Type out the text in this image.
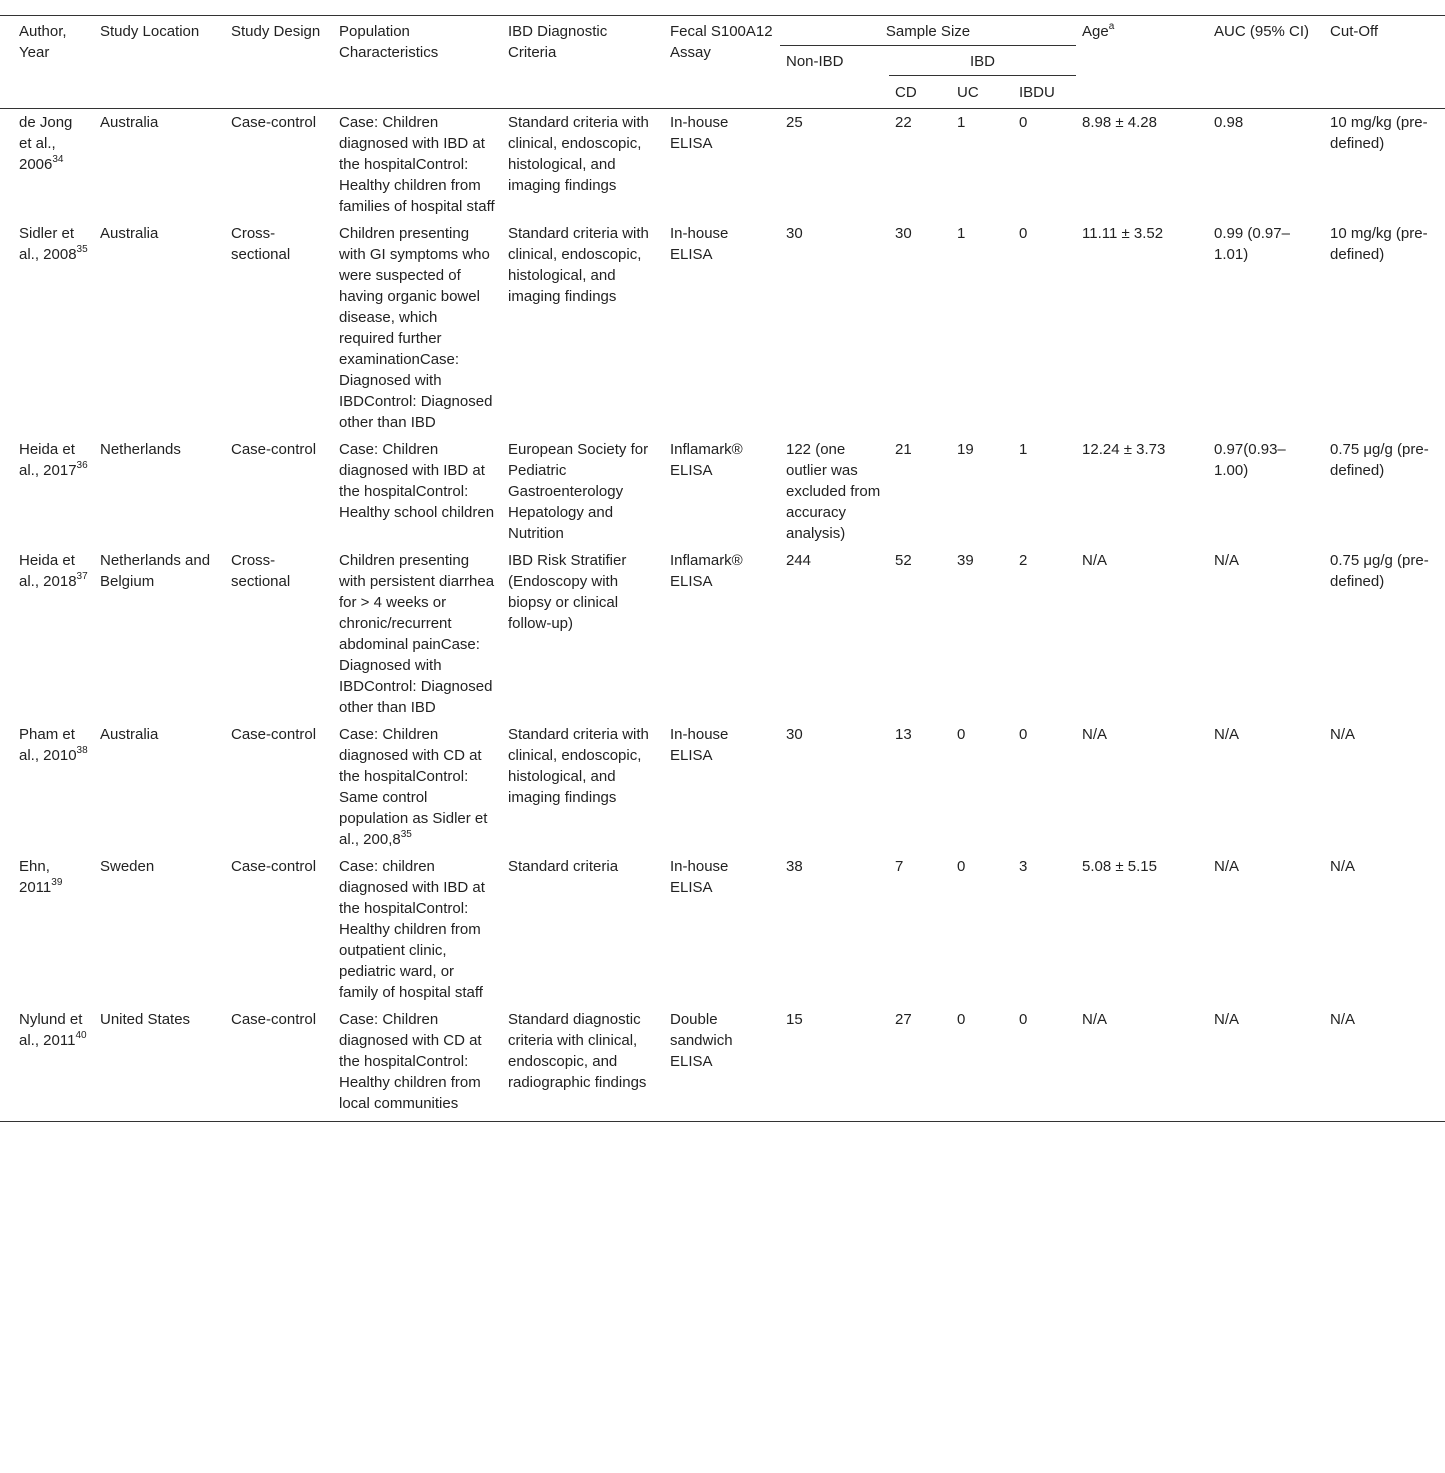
Author, Year	Study Location	Study Design	Population Characteristics	IBD Diagnostic Criteria	Fecal S100A12 Assay	Sample Size				Age$^a$	AUC (95% CI)	Cut-Off
						Non-IBD	IBD					
							CD	UC	IBDU			
de Jong et al., 2006$^{34}$	Australia	Case-control	Case: Children diagnosed with IBD at the hospitalControl: Healthy children from families of hospital staff	Standard criteria with clinical, endoscopic, histological, and imaging findings	In-house ELISA	25	22	1	0	8.98 ± 4.28	0.98	10 mg/kg (pre-defined)
Sidler et al., 2008$^{35}$	Australia	Cross-sectional	Children presenting with GI symptoms who were suspected of having organic bowel disease, which required further examinationCase: Diagnosed with IBDControl: Diagnosed other than IBD	Standard criteria with clinical, endoscopic, histological, and imaging findings	In-house ELISA	30	30	1	0	11.11 ± 3.52	0.99 (0.97–1.01)	10 mg/kg (pre-defined)
Heida et al., 2017$^{36}$	Netherlands	Case-control	Case: Children diagnosed with IBD at the hospitalControl: Healthy school children	European Society for Pediatric Gastroenterology Hepatology and Nutrition	Inflamark® ELISA	122 (one outlier was excluded from accuracy analysis)	21	19	1	12.24 ± 3.73	0.97(0.93–1.00)	0.75 μg/g (pre-defined)
Heida et al., 2018$^{37}$	Netherlands and Belgium	Cross-sectional	Children presenting with persistent diarrhea for > 4 weeks or chronic/recurrent abdominal painCase: Diagnosed with IBDControl: Diagnosed other than IBD	IBD Risk Stratifier (Endoscopy with biopsy or clinical follow-up)	Inflamark® ELISA	244	52	39	2	N/A	N/A	0.75 μg/g (pre-defined)
Pham et al., 2010$^{38}$	Australia	Case-control	Case: Children diagnosed with CD at the hospitalControl: Same control population as Sidler et al., 200,8$^{35}$	Standard criteria with clinical, endoscopic, histological, and imaging findings	In-house ELISA	30	13	0	0	N/A	N/A	N/A
Ehn, 2011$^{39}$	Sweden	Case-control	Case: children diagnosed with IBD at the hospitalControl: Healthy children from outpatient clinic, pediatric ward, or family of hospital staff	Standard criteria	In-house ELISA	38	7	0	3	5.08 ± 5.15	N/A	N/A
Nylund et al., 2011$^{40}$	United States	Case-control	Case: Children diagnosed with CD at the hospitalControl: Healthy children from local communities	Standard diagnostic criteria with clinical, endoscopic, and radiographic findings	Double sandwich ELISA	15	27	0	0	N/A	N/A	N/A
